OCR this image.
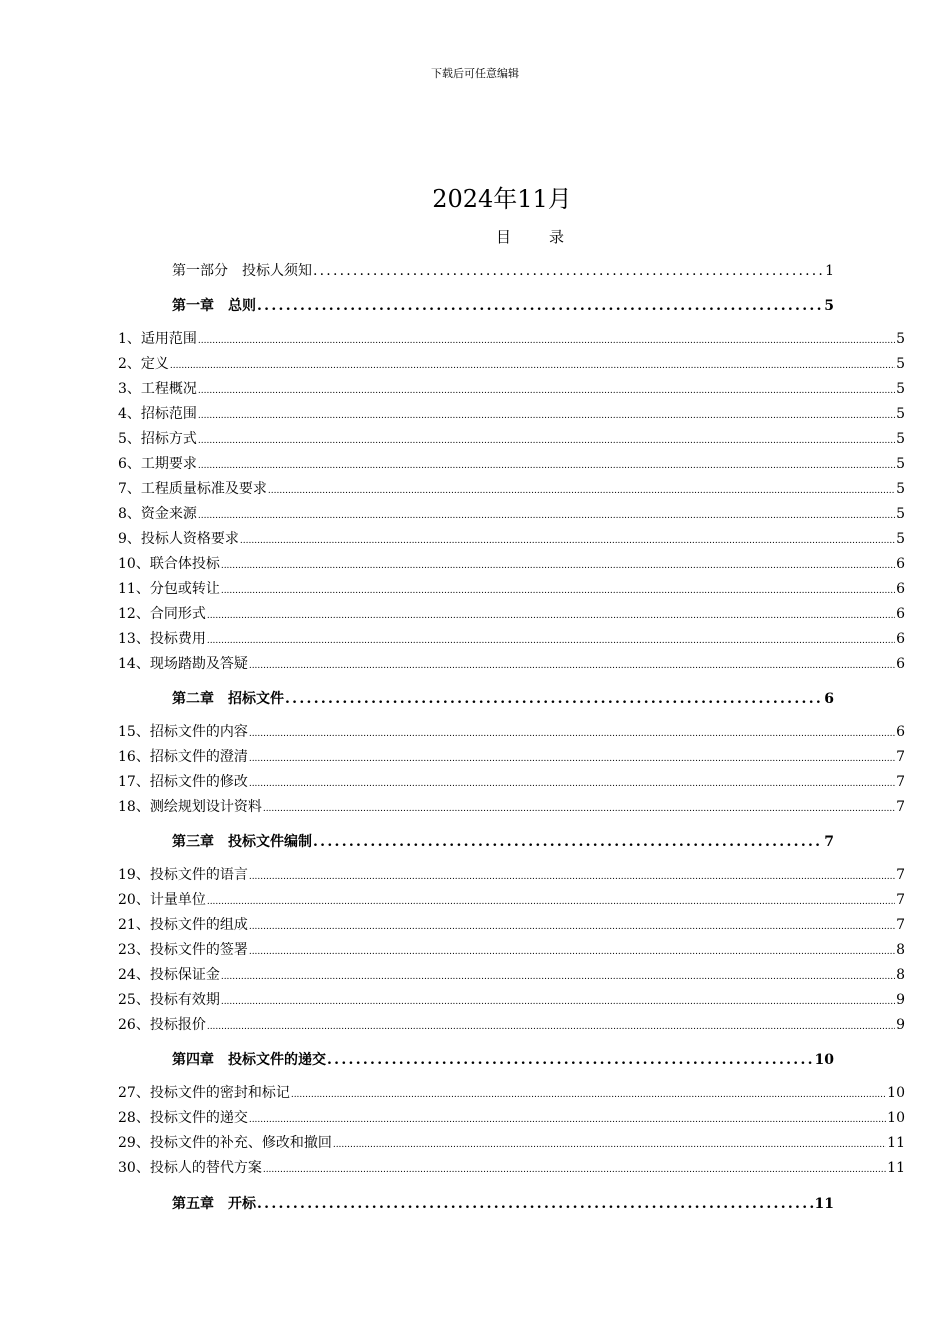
下载后可任意编辑
2024年11月
目	录
第一部分　投标人须知 .....	1
第一章　总则 .....	5
1、适用范围 .....	5
2、定义 .....	5
3、工程概况 .....	5
4、招标范围 .....	5
5、招标方式 .....	5
6、工期要求 .....	5
7、工程质量标准及要求 .....	5
8、资金来源 .....	5
9、投标人资格要求 .....	5
10、联合体投标 .....	6
11、分包或转让 .....	6
12、合同形式 .....	6
13、投标费用 .....	6
14、现场踏勘及答疑 .....	6
第二章　招标文件 .....	6
15、招标文件的内容 .....	6
16、招标文件的澄清 .....	7
17、招标文件的修改 .....	7
18、测绘规划设计资料 .....	7
第三章　投标文件编制 .....	7
19、投标文件的语言 .....	7
20、计量单位 .....	7
21、投标文件的组成 .....	7
23、投标文件的签署 .....	8
24、投标保证金 .....	8
25、投标有效期 .....	9
26、投标报价 .....	9
第四章　投标文件的递交 .....	10
27、投标文件的密封和标记 .....	10
28、投标文件的递交 .....	10
29、投标文件的补充、修改和撤回 .....	11
30、投标人的替代方案 .....	11
第五章　开标 .....	11
